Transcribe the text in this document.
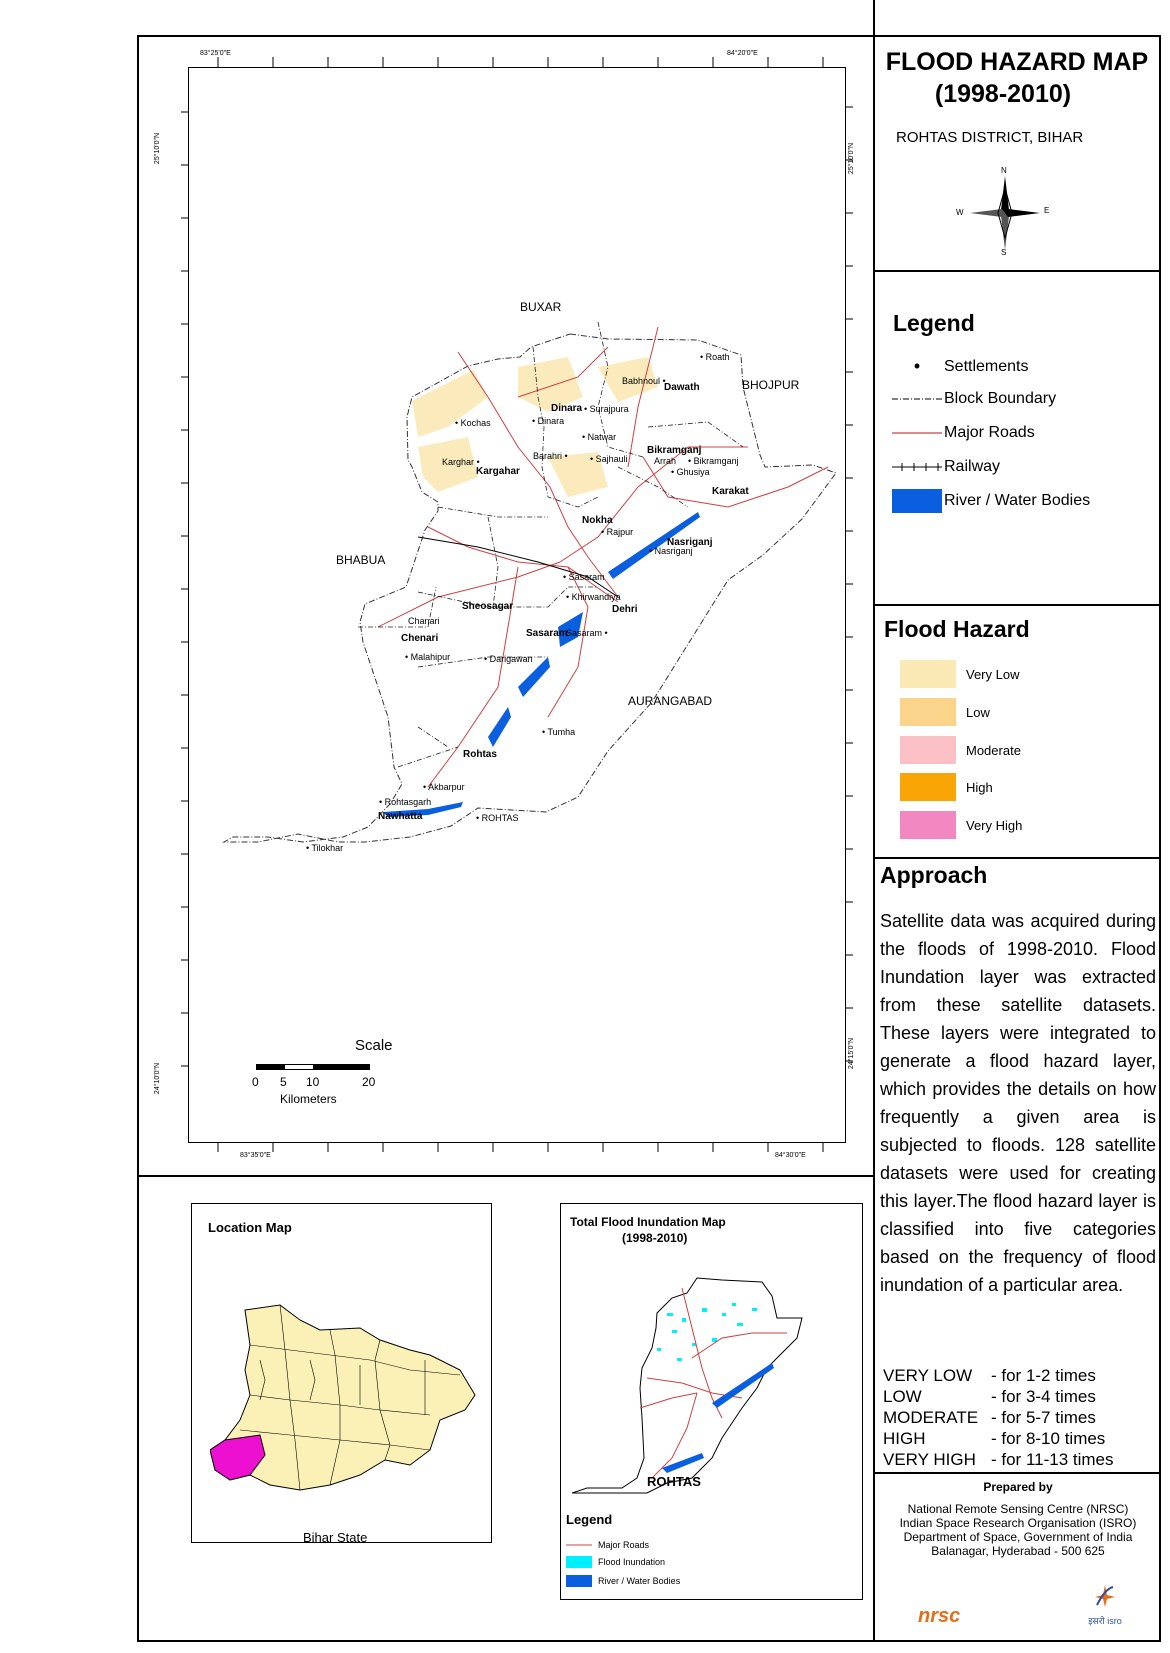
FLOOD HAZARD MAP
(1998-2010)
ROHTAS DISTRICT, BIHAR
N
S
E
W
Legend
•	Settlements
Block Boundary
Major Roads
Railway
River / Water Bodies
Flood Hazard
Very Low
Low
Moderate
High
Very High
Approach
Satellite data was acquired during the floods of 1998-2010. Flood Inundation layer was extracted from these satellite datasets. These layers were integrated to generate a flood hazard layer, which provides the details on how frequently a given area is subjected to floods. 128 satellite datasets were used for creating this layer.The flood hazard layer is classified into five categories based on the frequency of flood inundation of a particular area.
VERY LOW	- for 1-2 times
LOW	- for 3-4 times
MODERATE - for 5-7 times
HIGH	- for 8-10 times
VERY HIGH - for 11-13 times
Prepared by
National Remote Sensing Centre (NRSC)
Indian Space Research Organisation (ISRO)
Department of Space, Government of India
Balanagar, Hyderabad - 500 625
nrsc	इसरो isro
83°25'0"E	84°20'0"E
83°35'0"E	84°30'0"E
25°10'0"N
24°10'0"N
25°10'0"N
24°15'0"N
BUXAR
BHOJPUR
BHABUA
AURANGABAD
Dinara
Dawath
Kargahar
Bikramganj
Karakat
Nokha
Nasriganj
Sheosagar	Dehri
Chenari	Sasaram
Rohtas
Nawhatta
• Roath
Babhnoul •
• Surajpura
• Kochas	• Dinara
• Natwar
Karghar •
Barahri • • Sajhauli	Arrah • Bikramganj
• Ghusiya
• Rajpur
• Nasriganj
• Sasaram
• Khirwandiya
Chanari
• Malahipur	• Darigawan
Sasaram •
• Tumha
• Akbarpur
• Rohtasgarh
• ROHTAS
• Tilokhar
Scale
0 5 10	20
Kilometers
Location Map
Bihar State
Total Flood Inundation Map
(1998-2010)
ROHTAS
Legend
Major Roads
Flood Inundation
River / Water Bodies
